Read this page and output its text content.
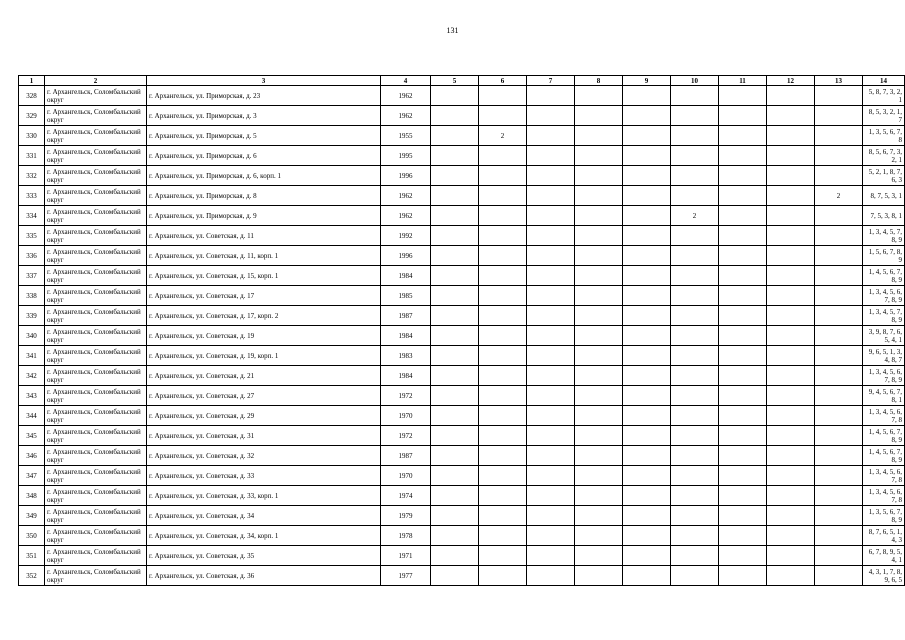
131
1	2	3	4	5	6	7	8	9	10	11	12	13	14
328	г. Архангельск, Соломбальский округ	г. Архангельск, ул. Приморская, д. 23	1962										5, 8, 7, 3, 2, 1
329	г. Архангельск, Соломбальский округ	г. Архангельск, ул. Приморская, д. 3	1962										8, 5, 3, 2, 1, 7
330	г. Архангельск, Соломбальский округ	г. Архангельск, ул. Приморская, д. 5	1955		2								1, 3, 5, 6, 7, 8
331	г. Архангельск, Соломбальский округ	г. Архангельск, ул. Приморская, д. 6	1995										8, 5, 6, 7, 3, 2, 1
332	г. Архангельск, Соломбальский округ	г. Архангельск, ул. Приморская, д. 6, корп. 1	1996										5, 2, 1, 8, 7, 6, 3
333	г. Архангельск, Соломбальский округ	г. Архангельск, ул. Приморская, д. 8	1962									2	8, 7, 5, 3, 1
334	г. Архангельск, Соломбальский округ	г. Архангельск, ул. Приморская, д. 9	1962						2				7, 5, 3, 8, 1
335	г. Архангельск, Соломбальский округ	г. Архангельск, ул. Советская, д. 11	1992										1, 3, 4, 5, 7, 8, 9
336	г. Архангельск, Соломбальский округ	г. Архангельск, ул. Советская, д. 11, корп. 1	1996										1, 5, 6, 7, 8, 9
337	г. Архангельск, Соломбальский округ	г. Архангельск, ул. Советская, д. 15, корп. 1	1984										1, 4, 5, 6, 7, 8, 9
338	г. Архангельск, Соломбальский округ	г. Архангельск, ул. Советская, д. 17	1985										1, 3, 4, 5, 6, 7, 8, 9
339	г. Архангельск, Соломбальский округ	г. Архангельск, ул. Советская, д. 17, корп. 2	1987										1, 3, 4, 5, 7, 8, 9
340	г. Архангельск, Соломбальский округ	г. Архангельск, ул. Советская, д. 19	1984										3, 9, 8, 7, 6, 5, 4, 1
341	г. Архангельск, Соломбальский округ	г. Архангельск, ул. Советская, д. 19, корп. 1	1983										9, 6, 5, 1, 3, 4, 8, 7
342	г. Архангельск, Соломбальский округ	г. Архангельск, ул. Советская, д. 21	1984										1, 3, 4, 5, 6, 7, 8, 9
343	г. Архангельск, Соломбальский округ	г. Архангельск, ул. Советская, д. 27	1972										9, 4, 5, 6, 7, 8, 1
344	г. Архангельск, Соломбальский округ	г. Архангельск, ул. Советская, д. 29	1970										1, 3, 4, 5, 6, 7, 8
345	г. Архангельск, Соломбальский округ	г. Архангельск, ул. Советская, д. 31	1972										1, 4, 5, 6, 7, 8, 9
346	г. Архангельск, Соломбальский округ	г. Архангельск, ул. Советская, д. 32	1987										1, 4, 5, 6, 7, 8, 9
347	г. Архангельск, Соломбальский округ	г. Архангельск, ул. Советская, д. 33	1970										1, 3, 4, 5, 6, 7, 8
348	г. Архангельск, Соломбальский округ	г. Архангельск, ул. Советская, д. 33, корп. 1	1974										1, 3, 4, 5, 6, 7, 8
349	г. Архангельск, Соломбальский округ	г. Архангельск, ул. Советская, д. 34	1979										1, 3, 5, 6, 7, 8, 9
350	г. Архангельск, Соломбальский округ	г. Архангельск, ул. Советская, д. 34, корп. 1	1978										8, 7, 6, 5, 1, 4, 3
351	г. Архангельск, Соломбальский округ	г. Архангельск, ул. Советская, д. 35	1971										6, 7, 8, 9, 5, 4, 1
352	г. Архангельск, Соломбальский округ	г. Архангельск, ул. Советская, д. 36	1977										4, 3, 1, 7, 8, 9, 6, 5
